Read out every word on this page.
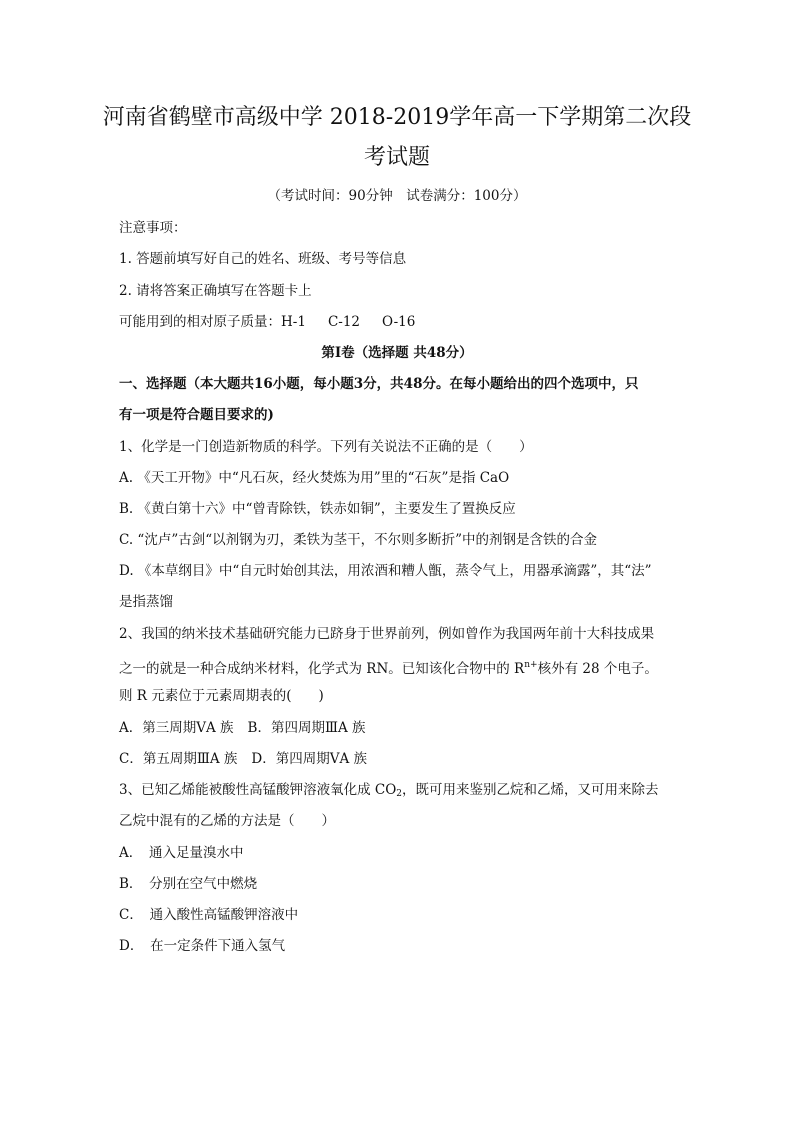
河南省鹤壁市高级中学 2018-2019学年高一下学期第二次段
考试题
（考试时间：90分钟　试卷满分：100分）
注意事项：
1. 答题前填写好自己的姓名、班级、考号等信息
2. 请将答案正确填写在答题卡上
可能用到的相对原子质量：H-1 C-12 O-16
第Ⅰ卷（选择题 共48分）
一、选择题（本大题共16小题，每小题3分，共48分。在每小题给出的四个选项中，只
有一项是符合题目要求的)
1、化学是一门创造新物质的科学。下列有关说法不正确的是（　　）
A. 《天工开物》中“凡石灰，经火焚炼为用”里的“石灰”是指 CaO
B. 《黄白第十六》中“曾青除铁，铁赤如铜”，主要发生了置换反应
C. “沈卢”古剑“以剂钢为刃，柔铁为茎干，不尔则多断折”中的剂钢是含铁的合金
D. 《本草纲目》中“自元时始创其法，用浓酒和糟人甑，蒸令气上，用器承滴露”，其“法”
是指蒸馏
2、我国的纳米技术基础研究能力已跻身于世界前列，例如曾作为我国两年前十大科技成果
之一的就是一种合成纳米材料，化学式为 RN。已知该化合物中的 $R^{n+}$核外有 28 个电子。
则 R 元素位于元素周期表的(　　)
A．第三周期ⅤA 族 B．第四周期ⅢA 族
C．第五周期ⅢA 族 D．第四周期ⅤA 族
3、已知乙烯能被酸性高锰酸钾溶液氧化成 $CO_2$，既可用来鉴别乙烷和乙烯，又可用来除去
乙烷中混有的乙烯的方法是（　　）
A．　通入足量溴水中
B．　分别在空气中燃烧
C．　通入酸性高锰酸钾溶液中
D．　在一定条件下通入氢气
